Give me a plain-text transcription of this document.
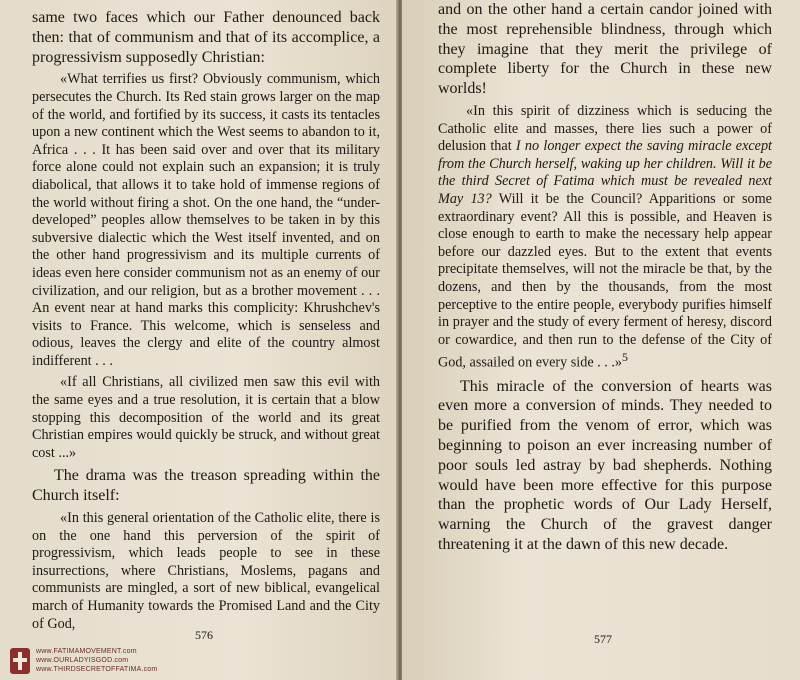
same two faces which our Father denounced back then: that of communism and that of its accomplice, a progressivism supposedly Christian:

«What terrifies us first? Obviously communism, which persecutes the Church. Its Red stain grows larger on the map of the world, and fortified by its success, it casts its tentacles upon a new continent which the West seems to abandon to it, Africa . . . It has been said over and over that its military force alone could not explain such an expansion; it is truly diabolical, that allows it to take hold of immense regions of the world without firing a shot. On the one hand, the “under-developed” peoples allow themselves to be taken in by this subversive dialectic which the West itself invented, and on the other hand progressivism and its multiple currents of ideas even here consider communism not as an enemy of our civilization, and our religion, but as a brother movement . . . An event near at hand marks this complicity: Khrushchev's visits to France. This welcome, which is senseless and odious, leaves the clergy and elite of the country almost indifferent . . .

«If all Christians, all civilized men saw this evil with the same eyes and a true resolution, it is certain that a blow stopping this decomposition of the world and its great Christian empires would quickly be struck, and without great cost ...»

The drama was the treason spreading within the Church itself:

«In this general orientation of the Catholic elite, there is on the one hand this perversion of the spirit of progressivism, which leads people to see in these insurrections, where Christians, Moslems, pagans and communists are mingled, a sort of new biblical, evangelical march of Humanity towards the Promised Land and the City of God,

576

and on the other hand a certain candor joined with the most reprehensible blindness, through which they imagine that they merit the privilege of complete liberty for the Church in these new worlds!

«In this spirit of dizziness which is seducing the Catholic elite and masses, there lies such a power of delusion that I no longer expect the saving miracle except from the Church herself, waking up her children. Will it be the third Secret of Fatima which must be revealed next May 13? Will it be the Council? Apparitions or some extraordinary event? All this is possible, and Heaven is close enough to earth to make the necessary help appear before our dazzled eyes. But to the extent that events precipitate themselves, will not the miracle be that, by the dozens, and then by the thousands, from the most perceptive to the entire people, everybody purifies himself in prayer and the study of every ferment of heresy, discord or cowardice, and then run to the defense of the City of God, assailed on every side . . .»$^5$

This miracle of the conversion of hearts was even more a conversion of minds. They needed to be purified from the venom of error, which was beginning to poison an ever increasing number of poor souls led astray by bad shepherds. Nothing would have been more effective for this purpose than the prophetic words of Our Lady Herself, warning the Church of the gravest danger threatening it at the dawn of this new decade.

577
www.FATIMAMOVEMENT.com
www.OURLADYISGOD.com
www.THIRDSECRETOFFATIMA.com
